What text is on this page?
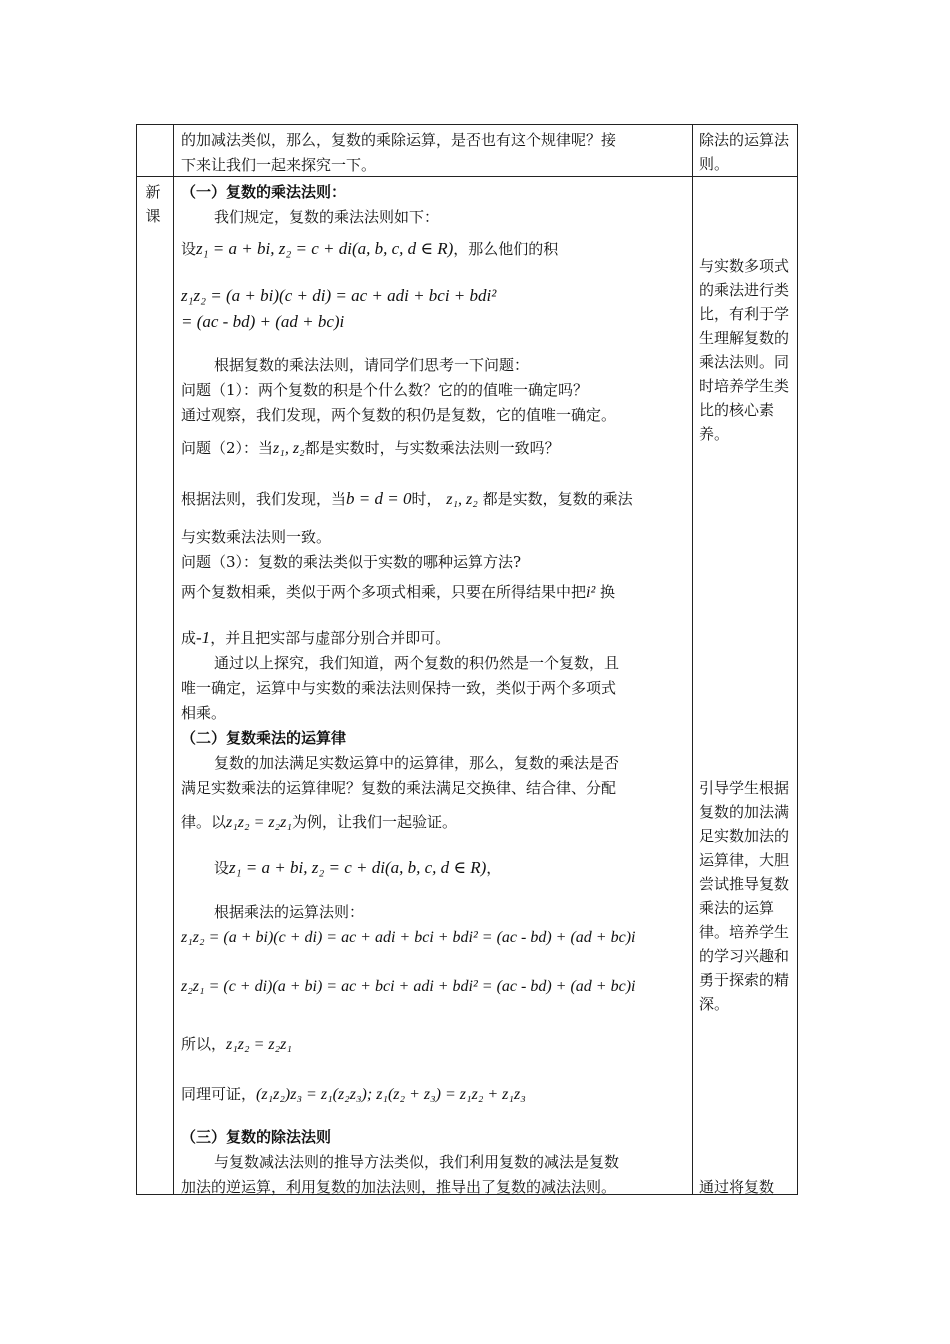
的加减法类似，那么，复数的乘除运算，是否也有这个规律呢？接
下来让我们一起来探究一下。
除法的运算法则。
新课
（一）复数的乘法法则：
我们规定，复数的乘法法则如下：
设z₁ = a + bi, z₂ = c + di(a, b, c, d ∈ R)，那么他们的积
z₁z₂ = (a + bi)(c + di) = ac + adi + bci + bdi²
= (ac - bd) + (ad + bc)i
根据复数的乘法法则，请同学们思考一下问题：
问题（1）：两个复数的积是个什么数？它的的值唯一确定吗？
通过观察，我们发现，两个复数的积仍是复数，它的值唯一确定。
问题（2）：当z₁, z₂都是实数时，与实数乘法法则一致吗？
根据法则，我们发现，当b = d = 0时， z₁, z₂ 都是实数，复数的乘法
与实数乘法法则一致。
问题（3）：复数的乘法类似于实数的哪种运算方法?
两个复数相乘，类似于两个多项式相乘，只要在所得结果中把i² 换
成-1，并且把实部与虚部分别合并即可。
通过以上探究，我们知道，两个复数的积仍然是一个复数，且
唯一确定，运算中与实数的乘法法则保持一致，类似于两个多项式
相乘。
（二）复数乘法的运算律
复数的加法满足实数运算中的运算律，那么，复数的乘法是否
满足实数乘法的运算律呢？复数的乘法满足交换律、结合律、分配
律。以z₁z₂ = z₂z₁为例，让我们一起验证。
设z₁ = a + bi, z₂ = c + di(a, b, c, d ∈ R)，
根据乘法的运算法则：
z₁z₂ = (a + bi)(c + di) = ac + adi + bci + bdi² = (ac - bd) + (ad + bc)i
z₂z₁ = (c + di)(a + bi) = ac + bci + adi + bdi² = (ac - bd) + (ad + bc)i
所以，z₁z₂ = z₂z₁
同理可证，(z₁z₂)z₃ = z₁(z₂z₃); z₁(z₂ + z₃) = z₁z₂ + z₁z₃
（三）复数的除法法则
与复数减法法则的推导方法类似，我们利用复数的减法是复数
加法的逆运算，利用复数的加法法则，推导出了复数的减法法则。
与实数多项式的乘法进行类比，有利于学生理解复数的乘法法则。同时培养学生类比的核心素养。
引导学生根据复数的加法满足实数加法的运算律，大胆尝试推导复数乘法的运算律。培养学生的学习兴趣和勇于探索的精深。
通过将复数
